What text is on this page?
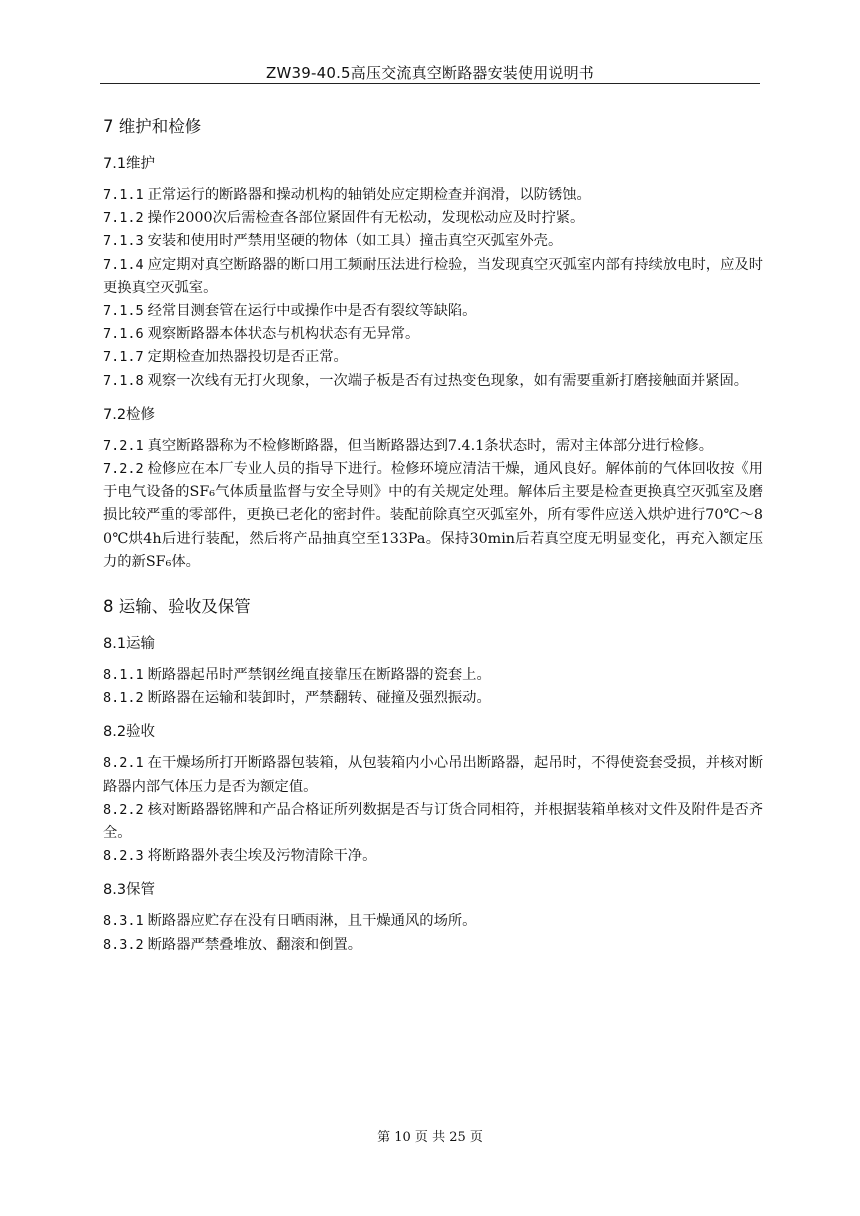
ZW39-40.5高压交流真空断路器安装使用说明书
7 维护和检修
7.1维护

7.1.1 正常运行的断路器和操动机构的轴销处应定期检查并润滑，以防锈蚀。

7.1.2 操作2000次后需检查各部位紧固件有无松动，发现松动应及时拧紧。

7.1.3 安装和使用时严禁用坚硬的物体（如工具）撞击真空灭弧室外壳。

7.1.4 应定期对真空断路器的断口用工频耐压法进行检验，当发现真空灭弧室内部有持续放电时，应及时更换真空灭弧室。

7.1.5 经常目测套管在运行中或操作中是否有裂纹等缺陷。

7.1.6 观察断路器本体状态与机构状态有无异常。

7.1.7 定期检查加热器投切是否正常。

7.1.8 观察一次线有无打火现象，一次端子板是否有过热变色现象，如有需要重新打磨接触面并紧固。

7.2检修

7.2.1 真空断路器称为不检修断路器，但当断路器达到7.4.1条状态时，需对主体部分进行检修。

7.2.2 检修应在本厂专业人员的指导下进行。检修环境应清洁干燥，通风良好。解体前的气体回收按《用于电气设备的SF₆气体质量监督与安全导则》中的有关规定处理。解体后主要是检查更换真空灭弧室及磨损比较严重的零部件，更换已老化的密封件。装配前除真空灭弧室外，所有零件应送入烘炉进行70℃～80℃烘4h后进行装配，然后将产品抽真空至133Pa。保持30min后若真空度无明显变化，再充入额定压力的新SF₆体。

8 运输、验收及保管
8.1运输

8.1.1 断路器起吊时严禁钢丝绳直接靠压在断路器的瓷套上。

8.1.2 断路器在运输和装卸时，严禁翻转、碰撞及强烈振动。

8.2验收

8.2.1 在干燥场所打开断路器包装箱，从包装箱内小心吊出断路器，起吊时，不得使瓷套受损，并核对断路器内部气体压力是否为额定值。

8.2.2 核对断路器铭牌和产品合格证所列数据是否与订货合同相符，并根据装箱单核对文件及附件是否齐全。

8.2.3 将断路器外表尘埃及污物清除干净。

8.3保管

8.3.1 断路器应贮存在没有日晒雨淋，且干燥通风的场所。

8.3.2 断路器严禁叠堆放、翻滚和倒置。

第 10 页 共 25 页
